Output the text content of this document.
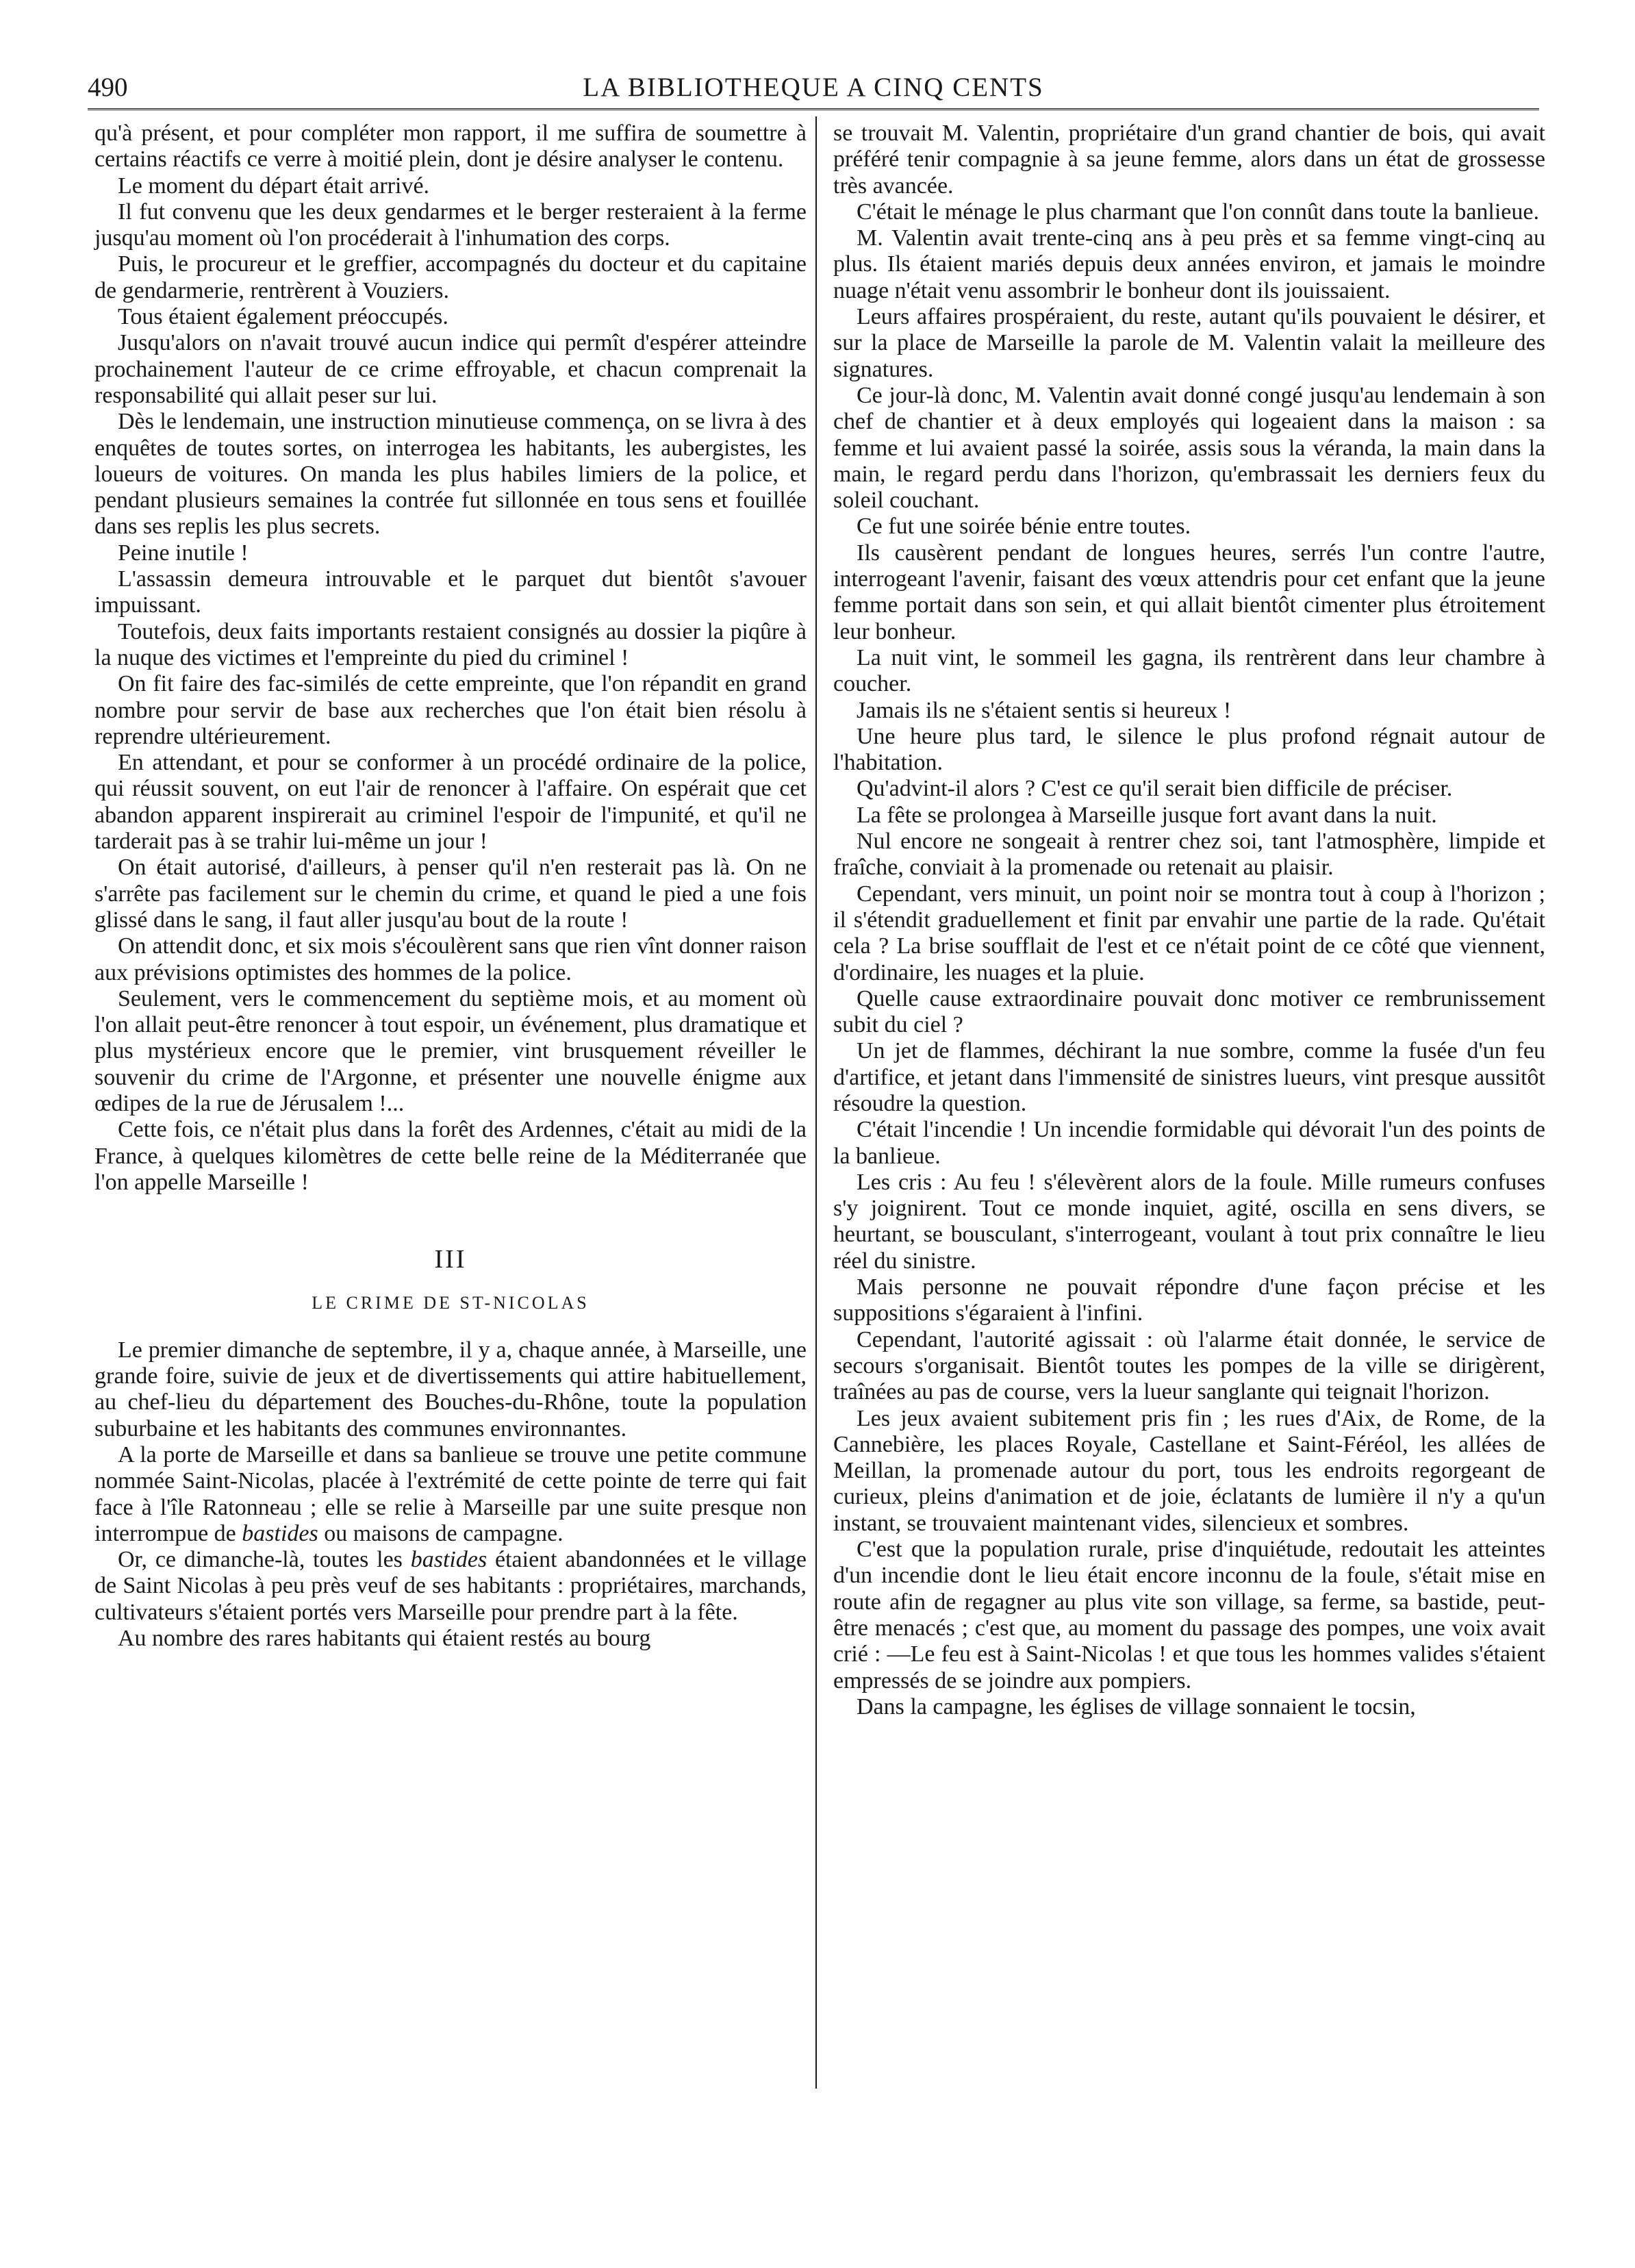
490	LA BIBLIOTHEQUE A CINQ CENTS

qu'à présent, et pour compléter mon rapport, il me suffira de soumettre à certains réactifs ce verre à moitié plein, dont je désire analyser le contenu.

Le moment du départ était arrivé.

Il fut convenu que les deux gendarmes et le berger resteraient à la ferme jusqu'au moment où l'on procéderait à l'inhumation des corps.

Puis, le procureur et le greffier, accompagnés du docteur et du capitaine de gendarmerie, rentrèrent à Vouziers.

Tous étaient également préoccupés.

Jusqu'alors on n'avait trouvé aucun indice qui permît d'espérer atteindre prochainement l'auteur de ce crime effroyable, et chacun comprenait la responsabilité qui allait peser sur lui.

Dès le lendemain, une instruction minutieuse commença, on se livra à des enquêtes de toutes sortes, on interrogea les habitants, les aubergistes, les loueurs de voitures. On manda les plus habiles limiers de la police, et pendant plusieurs semaines la contrée fut sillonnée en tous sens et fouillée dans ses replis les plus secrets.

Peine inutile !

L'assassin demeura introuvable et le parquet dut bientôt s'avouer impuissant.

Toutefois, deux faits importants restaient consignés au dossier la piqûre à la nuque des victimes et l'empreinte du pied du criminel !

On fit faire des fac-similés de cette empreinte, que l'on répandit en grand nombre pour servir de base aux recherches que l'on était bien résolu à reprendre ultérieurement.

En attendant, et pour se conformer à un procédé ordinaire de la police, qui réussit souvent, on eut l'air de renoncer à l'affaire. On espérait que cet abandon apparent inspirerait au criminel l'espoir de l'impunité, et qu'il ne tarderait pas à se trahir lui-même un jour !

On était autorisé, d'ailleurs, à penser qu'il n'en resterait pas là. On ne s'arrête pas facilement sur le chemin du crime, et quand le pied a une fois glissé dans le sang, il faut aller jusqu'au bout de la route !

On attendit donc, et six mois s'écoulèrent sans que rien vînt donner raison aux prévisions optimistes des hommes de la police.

Seulement, vers le commencement du septième mois, et au moment où l'on allait peut-être renoncer à tout espoir, un événement, plus dramatique et plus mystérieux encore que le premier, vint brusquement réveiller le souvenir du crime de l'Argonne, et présenter une nouvelle énigme aux œdipes de la rue de Jérusalem !...

Cette fois, ce n'était plus dans la forêt des Ardennes, c'était au midi de la France, à quelques kilomètres de cette belle reine de la Méditerranée que l'on appelle Marseille !

III
LE CRIME DE ST-NICOLAS

Le premier dimanche de septembre, il y a, chaque année, à Marseille, une grande foire, suivie de jeux et de divertissements qui attire habituellement, au chef-lieu du département des Bouches-du-Rhône, toute la population suburbaine et les habitants des communes environnantes.

A la porte de Marseille et dans sa banlieue se trouve une petite commune nommée Saint-Nicolas, placée à l'extrémité de cette pointe de terre qui fait face à l'île Ratonneau ; elle se relie à Marseille par une suite presque non interrompue de bastides ou maisons de campagne.

Or, ce dimanche-là, toutes les bastides étaient abandonnées et le village de Saint Nicolas à peu près veuf de ses habitants : propriétaires, marchands, cultivateurs s'étaient portés vers Marseille pour prendre part à la fête.

Au nombre des rares habitants qui étaient restés au bourg

se trouvait M. Valentin, propriétaire d'un grand chantier de bois, qui avait préféré tenir compagnie à sa jeune femme, alors dans un état de grossesse très avancée.

C'était le ménage le plus charmant que l'on connût dans toute la banlieue.

M. Valentin avait trente-cinq ans à peu près et sa femme vingt-cinq au plus. Ils étaient mariés depuis deux années environ, et jamais le moindre nuage n'était venu assombrir le bonheur dont ils jouissaient.

Leurs affaires prospéraient, du reste, autant qu'ils pouvaient le désirer, et sur la place de Marseille la parole de M. Valentin valait la meilleure des signatures.

Ce jour-là donc, M. Valentin avait donné congé jusqu'au lendemain à son chef de chantier et à deux employés qui logeaient dans la maison : sa femme et lui avaient passé la soirée, assis sous la véranda, la main dans la main, le regard perdu dans l'horizon, qu'embrassait les derniers feux du soleil couchant.

Ce fut une soirée bénie entre toutes.

Ils causèrent pendant de longues heures, serrés l'un contre l'autre, interrogeant l'avenir, faisant des vœux attendris pour cet enfant que la jeune femme portait dans son sein, et qui allait bientôt cimenter plus étroitement leur bonheur.

La nuit vint, le sommeil les gagna, ils rentrèrent dans leur chambre à coucher.

Jamais ils ne s'étaient sentis si heureux !

Une heure plus tard, le silence le plus profond régnait autour de l'habitation.

Qu'advint-il alors ? C'est ce qu'il serait bien difficile de préciser.

La fête se prolongea à Marseille jusque fort avant dans la nuit.

Nul encore ne songeait à rentrer chez soi, tant l'atmosphère, limpide et fraîche, conviait à la promenade ou retenait au plaisir.

Cependant, vers minuit, un point noir se montra tout à coup à l'horizon ; il s'étendit graduellement et finit par envahir une partie de la rade. Qu'était cela ? La brise soufflait de l'est et ce n'était point de ce côté que viennent, d'ordinaire, les nuages et la pluie.

Quelle cause extraordinaire pouvait donc motiver ce rembrunissement subit du ciel ?

Un jet de flammes, déchirant la nue sombre, comme la fusée d'un feu d'artifice, et jetant dans l'immensité de sinistres lueurs, vint presque aussitôt résoudre la question.

C'était l'incendie ! Un incendie formidable qui dévorait l'un des points de la banlieue.

Les cris : Au feu ! s'élevèrent alors de la foule. Mille rumeurs confuses s'y joignirent. Tout ce monde inquiet, agité, oscilla en sens divers, se heurtant, se bousculant, s'interrogeant, voulant à tout prix connaître le lieu réel du sinistre.

Mais personne ne pouvait répondre d'une façon précise et les suppositions s'égaraient à l'infini.

Cependant, l'autorité agissait : où l'alarme était donnée, le service de secours s'organisait. Bientôt toutes les pompes de la ville se dirigèrent, traînées au pas de course, vers la lueur sanglante qui teignait l'horizon.

Les jeux avaient subitement pris fin ; les rues d'Aix, de Rome, de la Cannebière, les places Royale, Castellane et Saint-Féréol, les allées de Meillan, la promenade autour du port, tous les endroits regorgeant de curieux, pleins d'animation et de joie, éclatants de lumière il n'y a qu'un instant, se trouvaient maintenant vides, silencieux et sombres.

C'est que la population rurale, prise d'inquiétude, redoutait les atteintes d'un incendie dont le lieu était encore inconnu de la foule, s'était mise en route afin de regagner au plus vite son village, sa ferme, sa bastide, peut-être menacés ; c'est que, au moment du passage des pompes, une voix avait crié : —Le feu est à Saint-Nicolas ! et que tous les hommes valides s'étaient empressés de se joindre aux pompiers.

Dans la campagne, les églises de village sonnaient le tocsin,
